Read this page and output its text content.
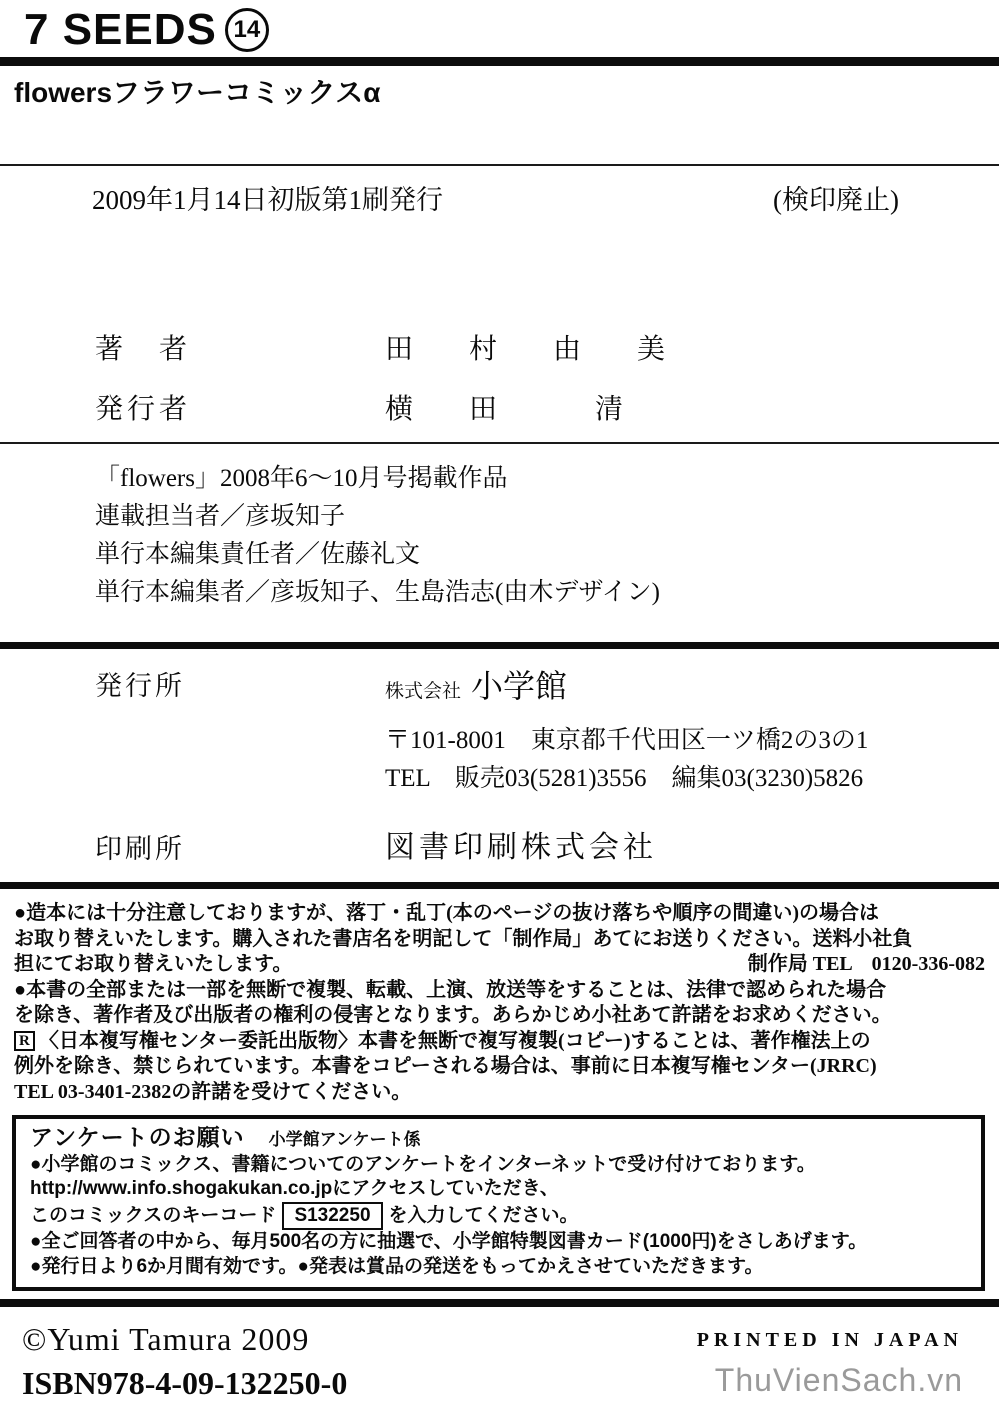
7 SEEDS 14
flowersフラワーコミックスα
2009年1月14日初版第1刷発行	(検印廃止)
著　者	田　村　由　美
発行者	横　田　　清
「flowers」2008年6～10月号掲載作品
連載担当者／彦坂知子
単行本編集責任者／佐藤礼文
単行本編集者／彦坂知子、生島浩志(由木デザイン)
発行所	株式会社 小学館
〒101-8001　東京都千代田区一ツ橋2の3の1
TEL　販売03(5281)3556　編集03(3230)5826
印刷所	図書印刷株式会社
●造本には十分注意しておりますが、落丁・乱丁(本のページの抜け落ちや順序の間違い)の場合は
お取り替えいたします。購入された書店名を明記して「制作局」あてにお送りください。送料小社負
担にてお取り替えいたします。	制作局 TEL　0120-336-082
●本書の全部または一部を無断で複製、転載、上演、放送等をすることは、法律で認められた場合
を除き、著作者及び出版者の権利の侵害となります。あらかじめ小社あて許諾をお求めください。
R 〈日本複写権センター委託出版物〉本書を無断で複写複製(コピー)することは、著作権法上の
例外を除き、禁じられています。本書をコピーされる場合は、事前に日本複写権センター(JRRC)
TEL 03-3401-2382の許諾を受けてください。
アンケートのお願い 小学館アンケート係
●小学館のコミックス、書籍についてのアンケートをインターネットで受け付けております。
http://www.info.shogakukan.co.jpにアクセスしていただき、
このコミックスのキーコード S132250 を入力してください。
●全ご回答者の中から、毎月500名の方に抽選で、小学館特製図書カード(1000円)をさしあげます。
●発行日より6か月間有効です。●発表は賞品の発送をもってかえさせていただきます。
©Yumi Tamura 2009
ISBN978-4-09-132250-0
PRINTED IN JAPAN
ThuVienSach.vn
